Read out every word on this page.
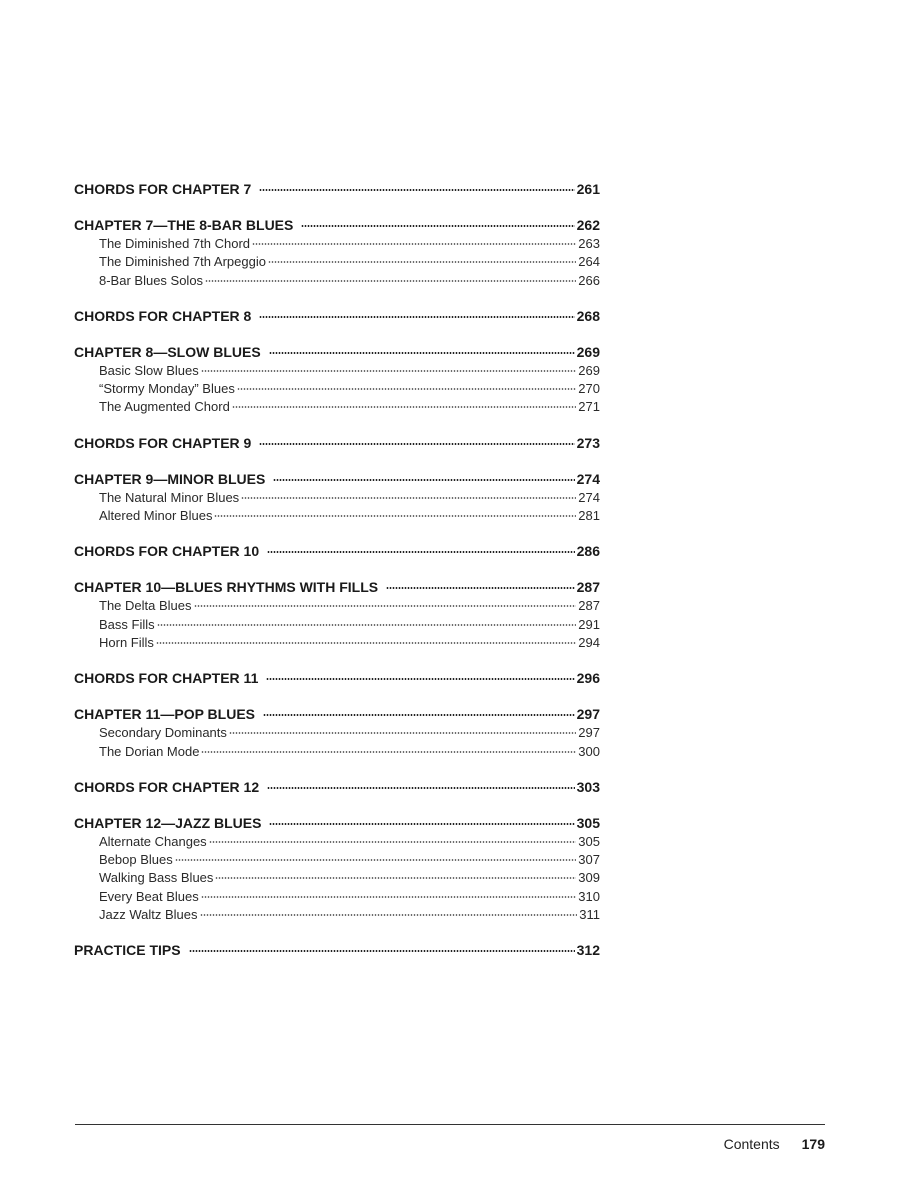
CHORDS FOR CHAPTER 7	261
CHAPTER 7—THE 8-BAR BLUES	262
The Diminished 7th Chord	263
The Diminished 7th Arpeggio	264
8-Bar Blues Solos	266
CHORDS FOR CHAPTER 8	268
CHAPTER 8—SLOW BLUES	269
Basic Slow Blues	269
“Stormy Monday” Blues	270
The Augmented Chord	271
CHORDS FOR CHAPTER 9	273
CHAPTER 9—MINOR BLUES	274
The Natural Minor Blues	274
Altered Minor Blues	281
CHORDS FOR CHAPTER 10	286
CHAPTER 10—BLUES RHYTHMS WITH FILLS	287
The Delta Blues	287
Bass Fills	291
Horn Fills	294
CHORDS FOR CHAPTER 11	296
CHAPTER 11—POP BLUES	297
Secondary Dominants	297
The Dorian Mode	300
CHORDS FOR CHAPTER 12	303
CHAPTER 12—JAZZ BLUES	305
Alternate Changes	305
Bebop Blues	307
Walking Bass Blues	309
Every Beat Blues	310
Jazz Waltz Blues	311
PRACTICE TIPS	312
Contents 179
